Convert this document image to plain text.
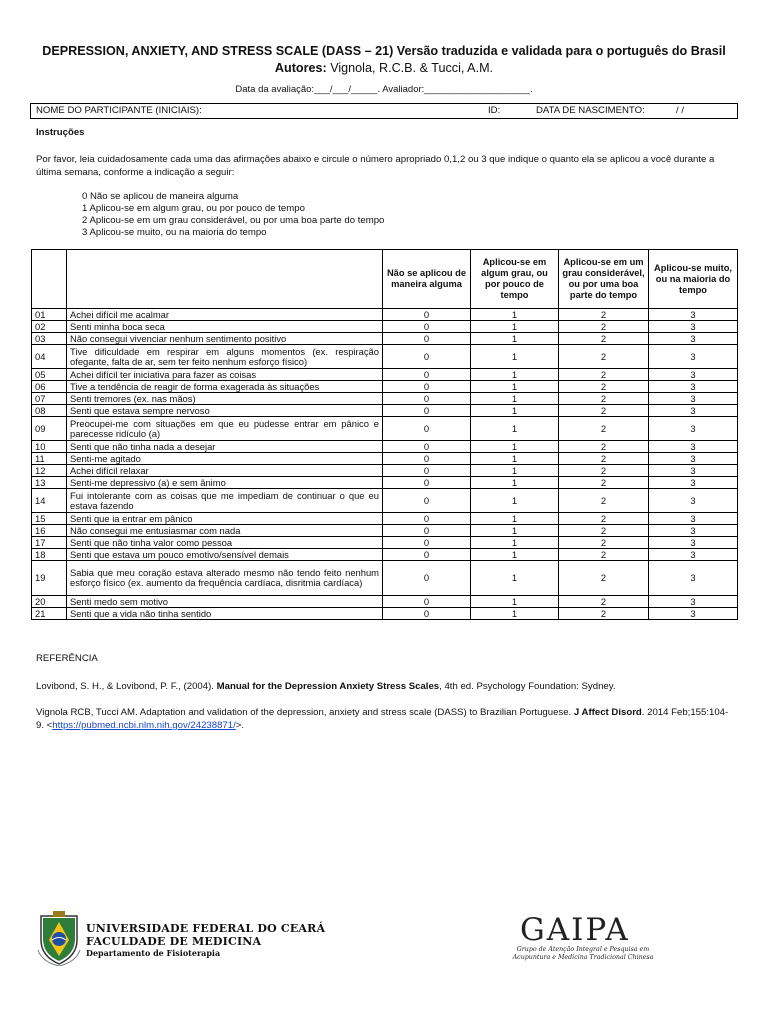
DEPRESSION, ANXIETY, AND STRESS SCALE (DASS – 21) Versão traduzida e validada para o português do Brasil
Autores: Vignola, R.C.B. & Tucci, A.M.
Data da avaliação:___/___/_____. Avaliador:____________________.
NOME DO PARTICIPANTE (INICIAIS):	ID:	DATA DE NASCIMENTO:	/ /
Instruções
Por favor, leia cuidadosamente cada uma das afirmações abaixo e circule o número apropriado 0,1,2 ou 3 que indique o quanto ela se aplicou a você durante a última semana, conforme a indicação a seguir:
0 Não se aplicou de maneira alguma
1 Aplicou-se em algum grau, ou por pouco de tempo
2 Aplicou-se em um grau considerável, ou por uma boa parte do tempo
3 Aplicou-se muito, ou na maioria do tempo
		Não se aplicou de maneira alguma	Aplicou-se em algum grau, ou por pouco de tempo	Aplicou-se em um grau considerável, ou por uma boa parte do tempo	Aplicou-se muito, ou na maioria do tempo
01	Achei difícil me acalmar	0	1	2	3
02	Senti minha boca seca	0	1	2	3
03	Não consegui vivenciar nenhum sentimento positivo	0	1	2	3
04	Tive dificuldade em respirar em alguns momentos (ex. respiração ofegante, falta de ar, sem ter feito nenhum esforço físico)	0	1	2	3
05	Achei difícil ter iniciativa para fazer as coisas	0	1	2	3
06	Tive a tendência de reagir de forma exagerada às situações	0	1	2	3
07	Senti tremores (ex. nas mãos)	0	1	2	3
08	Senti que estava sempre nervoso	0	1	2	3
09	Preocupei-me com situações em que eu pudesse entrar em pânico e parecesse ridículo (a)	0	1	2	3
10	Senti que não tinha nada a desejar	0	1	2	3
11	Senti-me agitado	0	1	2	3
12	Achei difícil relaxar	0	1	2	3
13	Senti-me depressivo (a) e sem ânimo	0	1	2	3
14	Fui intolerante com as coisas que me impediam de continuar o que eu estava fazendo	0	1	2	3
15	Senti que ia entrar em pânico	0	1	2	3
16	Não consegui me entusiasmar com nada	0	1	2	3
17	Senti que não tinha valor como pessoa	0	1	2	3
18	Senti que estava um pouco emotivo/sensível demais	0	1	2	3
19	Sabia que meu coração estava alterado mesmo não tendo feito nenhum esforço físico (ex. aumento da frequência cardíaca, disritmia cardíaca)	0	1	2	3
20	Senti medo sem motivo	0	1	2	3
21	Senti que a vida não tinha sentido	0	1	2	3
REFERÊNCIA

Lovibond, S. H., & Lovibond, P. F., (2004). Manual for the Depression Anxiety Stress Scales, 4th ed. Psychology Foundation: Sydney.

Vignola RCB, Tucci AM. Adaptation and validation of the depression, anxiety and stress scale (DASS) to Brazilian Portuguese. J Affect Disord. 2014 Feb;155:104-9. <https://pubmed.ncbi.nlm.nih.gov/24238871/>.

UNIVERSIDADE FEDERAL DO CEARÁ
FACULDADE DE MEDICINA
Departamento de Fisioterapia
GAIPA
Grupo de Atenção Integral e Pesquisa em
Acupuntura e Medicina Tradicional Chinesa
